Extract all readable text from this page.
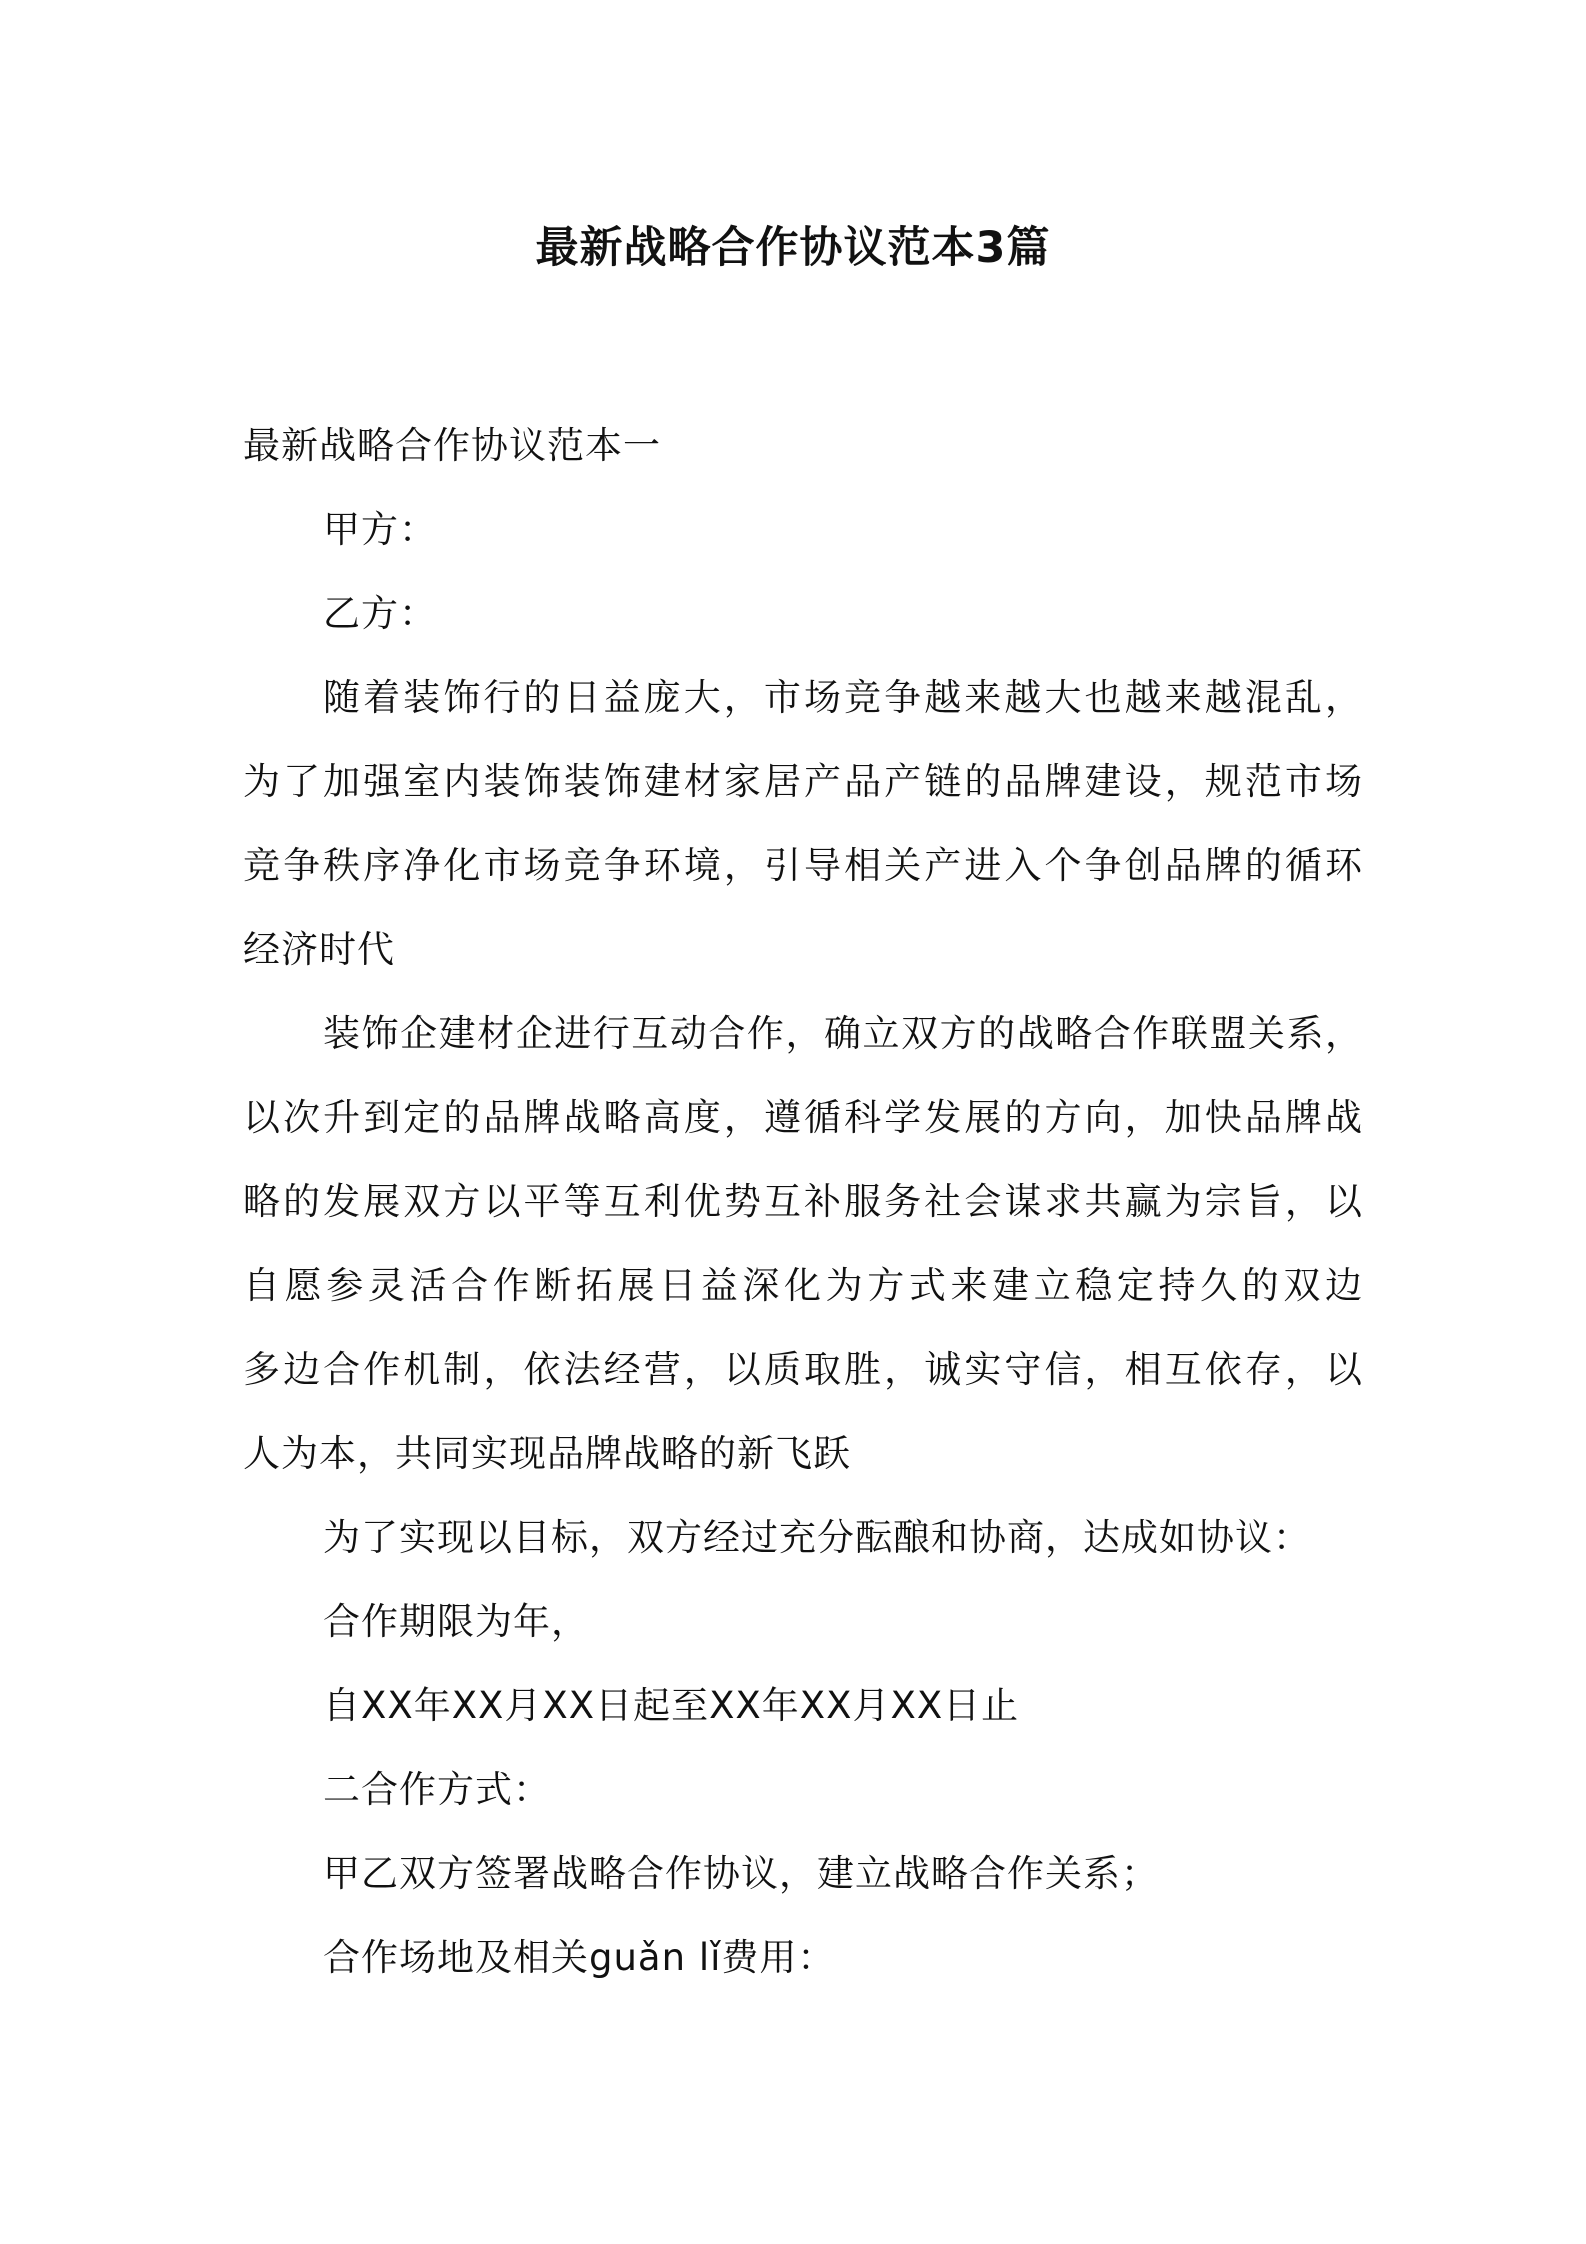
最新战略合作协议范本3篇
最新战略合作协议范本一
甲方：
乙方：
随着装饰行的日益庞大，市场竞争越来越大也越来越混乱，
为了加强室内装饰装饰建材家居产品产链的品牌建设，规范市场
竞争秩序净化市场竞争环境，引导相关产进入个争创品牌的循环
经济时代
装饰企建材企进行互动合作，确立双方的战略合作联盟关系，
以次升到定的品牌战略高度，遵循科学发展的方向，加快品牌战
略的发展双方以平等互利优势互补服务社会谋求共赢为宗旨，以
自愿参灵活合作断拓展日益深化为方式来建立稳定持久的双边
多边合作机制，依法经营，以质取胜，诚实守信，相互依存，以
人为本，共同实现品牌战略的新飞跃
为了实现以目标，双方经过充分酝酿和协商，达成如协议：
合作期限为年，
自XX年XX月XX日起至XX年XX月XX日止
二合作方式：
甲乙双方签署战略合作协议，建立战略合作关系；
合作场地及相关guǎn lǐ费用：
